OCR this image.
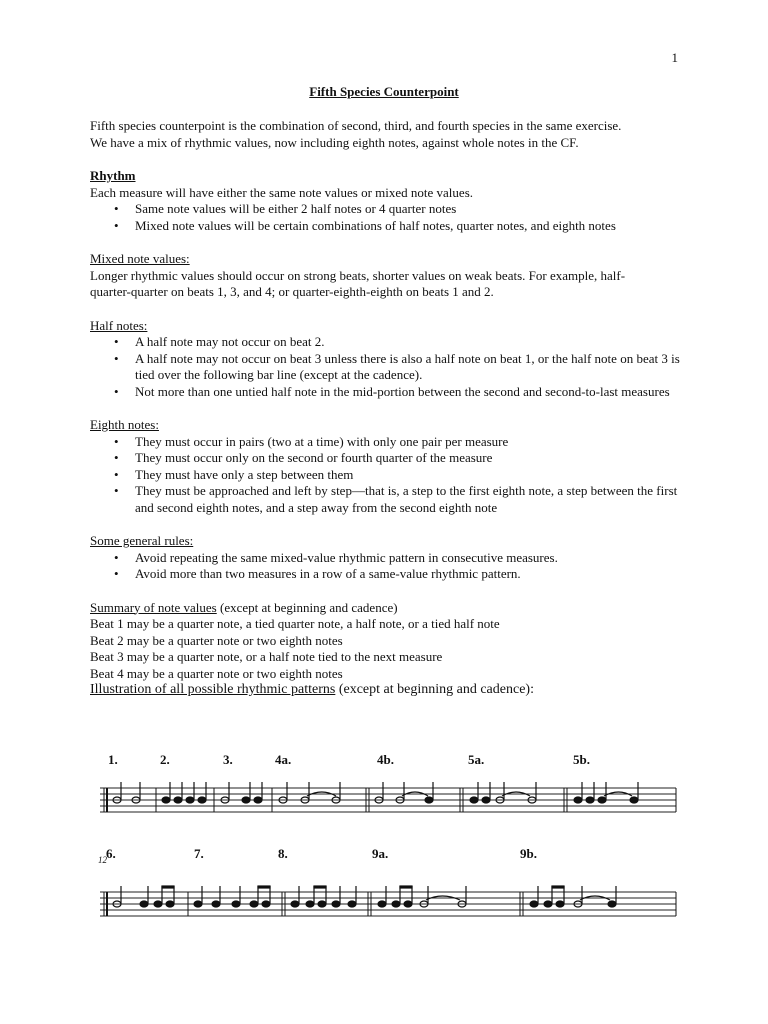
1
Fifth Species Counterpoint

Fifth species counterpoint is the combination of second, third, and fourth species in the same exercise.

We have a mix of rhythmic values, now including eighth notes, against whole notes in the CF.

Rhythm

Each measure will have either the same note values or mixed note values.

• Same note values will be either 2 half notes or 4 quarter notes
• Mixed note values will be certain combinations of half notes, quarter notes, and eighth notes

Mixed note values:

Longer rhythmic values should occur on strong beats, shorter values on weak beats. For example, half-

quarter-quarter on beats 1, 3, and 4; or quarter-eighth-eighth on beats 1 and 2.

Half notes:

• A half note may not occur on beat 2.
• A half note may not occur on beat 3 unless there is also a half note on beat 1, or the half note on beat 3 is tied over the following bar line (except at the cadence).
• Not more than one untied half note in the mid-portion between the second and second-to-last measures

Eighth notes:

• They must occur in pairs (two at a time) with only one pair per measure
• They must occur only on the second or fourth quarter of the measure
• They must have only a step between them
• They must be approached and left by step—that is, a step to the first eighth note, a step between the first and second eighth notes, and a step away from the second eighth note

Some general rules:

• Avoid repeating the same mixed-value rhythmic pattern in consecutive measures.
• Avoid more than two measures in a row of a same-value rhythmic pattern.

Summary of note values (except at beginning and cadence)

Beat 1 may be a quarter note, a tied quarter note, a half note, or a tied half note

Beat 2 may be a quarter note or two eighth notes

Beat 3 may be a quarter note, or a half note tied to the next measure

Beat 4 may be a quarter note or two eighth notes

Illustration of all possible rhythmic patterns (except at beginning and cadence):

1.	2.	3.	4a.	4b.	5a.	5b.
12 6.	7.	8.	9a.	9b.
